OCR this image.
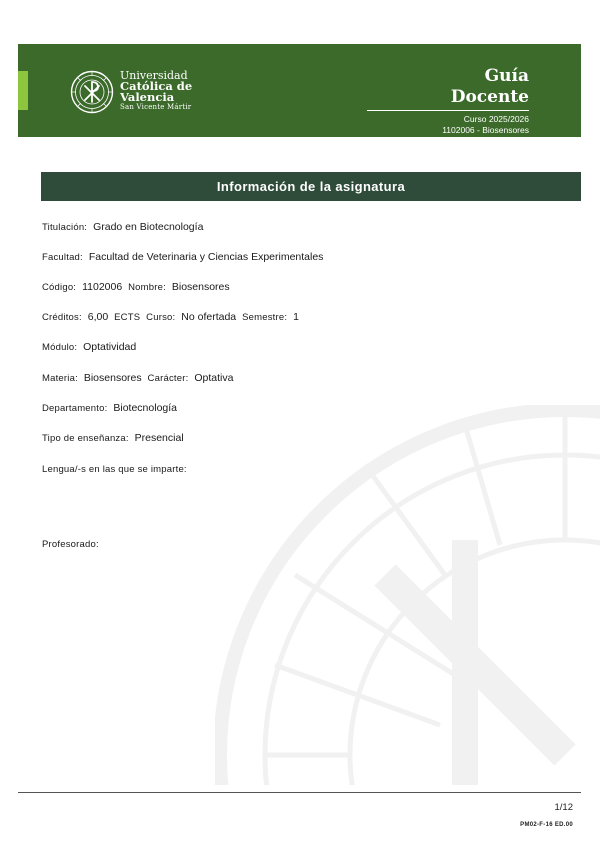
Universidad
Católica de
Valencia
San Vicente Mártir
Guía
Docente
Curso 2025/2026
1102006 - Biosensores
Información de la asignatura
Titulación: Grado en Biotecnología
Facultad: Facultad de Veterinaria y Ciencias Experimentales
Código: 1102006 Nombre: Biosensores
Créditos: 6,00 ECTS Curso: No ofertada Semestre: 1
Módulo: Optatividad
Materia: Biosensores Carácter: Optativa
Departamento: Biotecnología
Tipo de enseñanza: Presencial
Lengua/-s en las que se imparte:
Profesorado:
1/12
PM02-F-16 ED.00
